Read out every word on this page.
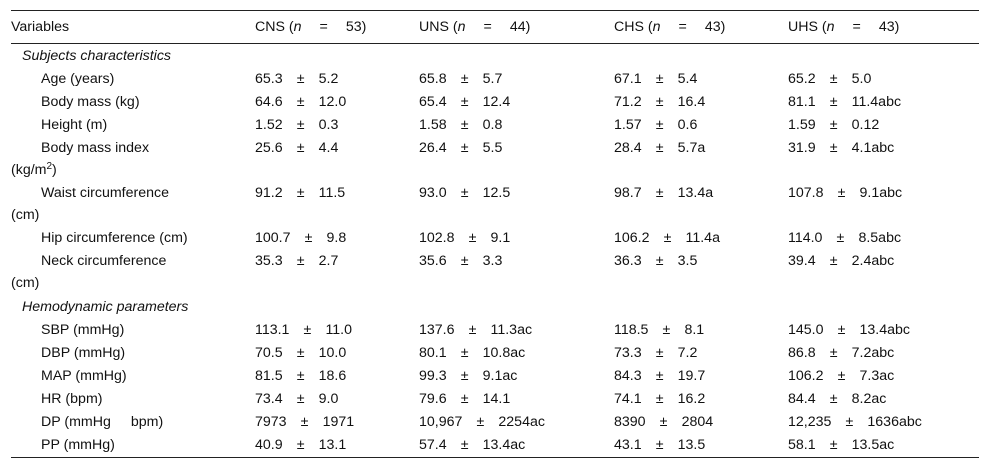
Variables	CNS (n = 53)	UNS (n = 44)	CHS (n = 43)	UHS (n = 43)
Subjects characteristics				
Age (years)	65.3 ± 5.2	65.8 ± 5.7	67.1 ± 5.4	65.2 ± 5.0
Body mass (kg)	64.6 ± 12.0	65.4 ± 12.4	71.2 ± 16.4	81.1 ± 11.4abc
Height (m)	1.52 ± 0.3	1.58 ± 0.8	1.57 ± 0.6	1.59 ± 0.12
Body mass index
$(kg/m^2)$	25.6 ± 4.4	26.4 ± 5.5	28.4 ± 5.7a	31.9 ± 4.1abc
Waist circumference
(cm)	91.2 ± 11.5	93.0 ± 12.5	98.7 ± 13.4a	107.8 ± 9.1abc
Hip circumference (cm)	100.7 ± 9.8	102.8 ± 9.1	106.2 ± 11.4a	114.0 ± 8.5abc
Neck circumference
(cm)	35.3 ± 2.7	35.6 ± 3.3	36.3 ± 3.5	39.4 ± 2.4abc
Hemodynamic parameters				
SBP (mmHg)	113.1 ± 11.0	137.6 ± 11.3ac	118.5 ± 8.1	145.0 ± 13.4abc
DBP (mmHg)	70.5 ± 10.0	80.1 ± 10.8ac	73.3 ± 7.2	86.8 ± 7.2abc
MAP (mmHg)	81.5 ± 18.6	99.3 ± 9.1ac	84.3 ± 19.7	106.2 ± 7.3ac
HR (bpm)	73.4 ± 9.0	79.6 ± 14.1	74.1 ± 16.2	84.4 ± 8.2ac
DP (mmHg bpm)	7973 ± 1971	10,967 ± 2254ac	8390 ± 2804	12,235 ± 1636abc
PP (mmHg)	40.9 ± 13.1	57.4 ± 13.4ac	43.1 ± 13.5	58.1 ± 13.5ac
